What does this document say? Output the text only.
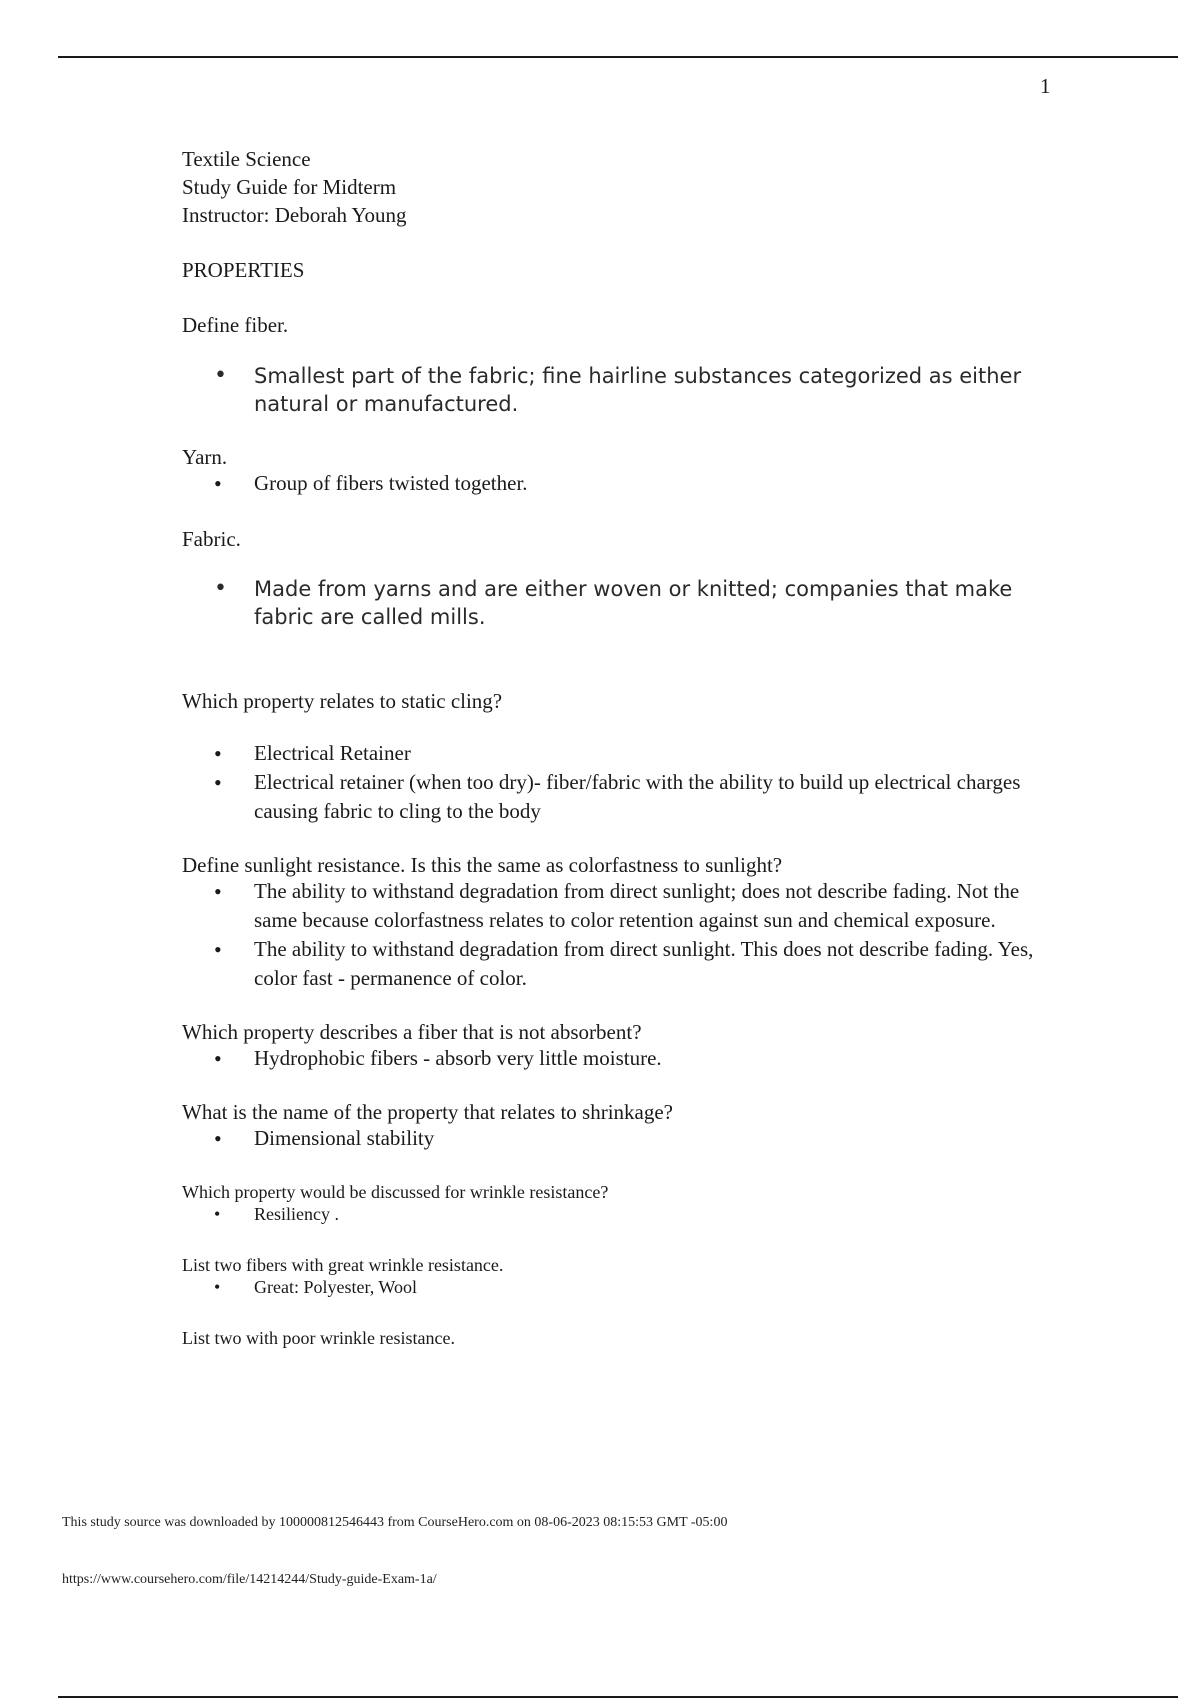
1

Textile Science

Study Guide for Midterm

Instructor: Deborah Young

PROPERTIES

Define fiber.

• Smallest part of the fabric; fine hairline substances categorized as either natural or manufactured.

Yarn.

• Group of fibers twisted together.

Fabric.

• Made from yarns and are either woven or knitted; companies that make fabric are called mills.

Which property relates to static cling?

• Electrical Retainer
• Electrical retainer (when too dry)- fiber/fabric with the ability to build up electrical charges causing fabric to cling to the body

Define sunlight resistance. Is this the same as colorfastness to sunlight?

• The ability to withstand degradation from direct sunlight; does not describe fading. Not the same because colorfastness relates to color retention against sun and chemical exposure.
• The ability to withstand degradation from direct sunlight. This does not describe fading. Yes, color fast - permanence of color.

Which property describes a fiber that is not absorbent?

• Hydrophobic fibers - absorb very little moisture.

What is the name of the property that relates to shrinkage?

• Dimensional stability

Which property would be discussed for wrinkle resistance?

• Resiliency .

List two fibers with great wrinkle resistance.

• Great: Polyester, Wool

List two with poor wrinkle resistance.

This study source was downloaded by 100000812546443 from CourseHero.com on 08-06-2023 08:15:53 GMT -05:00
https://www.coursehero.com/file/14214244/Study-guide-Exam-1a/
